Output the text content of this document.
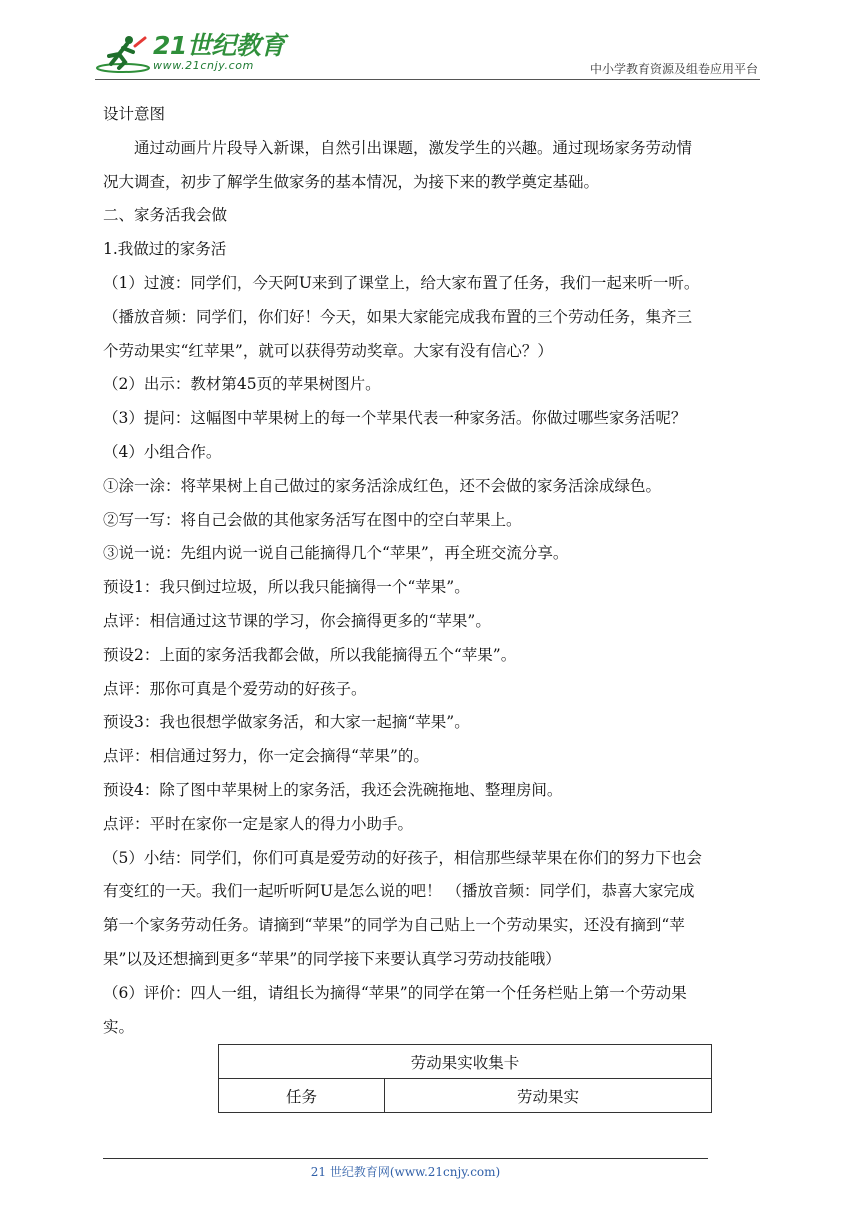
21世纪教育
www.21cnjy.com	中小学教育资源及组卷应用平台
设计意图
通过动画片片段导入新课，自然引出课题，激发学生的兴趣。通过现场家务劳动情
况大调查，初步了解学生做家务的基本情况，为接下来的教学奠定基础。
二、家务活我会做
1.我做过的家务活
（1）过渡：同学们，今天阿U来到了课堂上，给大家布置了任务，我们一起来听一听。
（播放音频：同学们，你们好！今天，如果大家能完成我布置的三个劳动任务，集齐三
个劳动果实“红苹果”，就可以获得劳动奖章。大家有没有信心？）
（2）出示：教材第45页的苹果树图片。
（3）提问：这幅图中苹果树上的每一个苹果代表一种家务活。你做过哪些家务活呢？
（4）小组合作。
①涂一涂：将苹果树上自己做过的家务活涂成红色，还不会做的家务活涂成绿色。
②写一写：将自己会做的其他家务活写在图中的空白苹果上。
③说一说：先组内说一说自己能摘得几个“苹果”，再全班交流分享。
预设1：我只倒过垃圾，所以我只能摘得一个“苹果”。
点评：相信通过这节课的学习，你会摘得更多的“苹果”。
预设2：上面的家务活我都会做，所以我能摘得五个“苹果”。
点评：那你可真是个爱劳动的好孩子。
预设3：我也很想学做家务活，和大家一起摘“苹果”。
点评：相信通过努力，你一定会摘得“苹果”的。
预设4：除了图中苹果树上的家务活，我还会洗碗拖地、整理房间。
点评：平时在家你一定是家人的得力小助手。
（5）小结：同学们，你们可真是爱劳动的好孩子，相信那些绿苹果在你们的努力下也会
有变红的一天。我们一起听听阿U是怎么说的吧！ （播放音频：同学们，恭喜大家完成
第一个家务劳动任务。请摘到“苹果”的同学为自己贴上一个劳动果实，还没有摘到“苹
果”以及还想摘到更多“苹果”的同学接下来要认真学习劳动技能哦）
（6）评价：四人一组，请组长为摘得“苹果”的同学在第一个任务栏贴上第一个劳动果
实。
劳动果实收集卡
任务	劳动果实
21 世纪教育网(www.21cnjy.com)
